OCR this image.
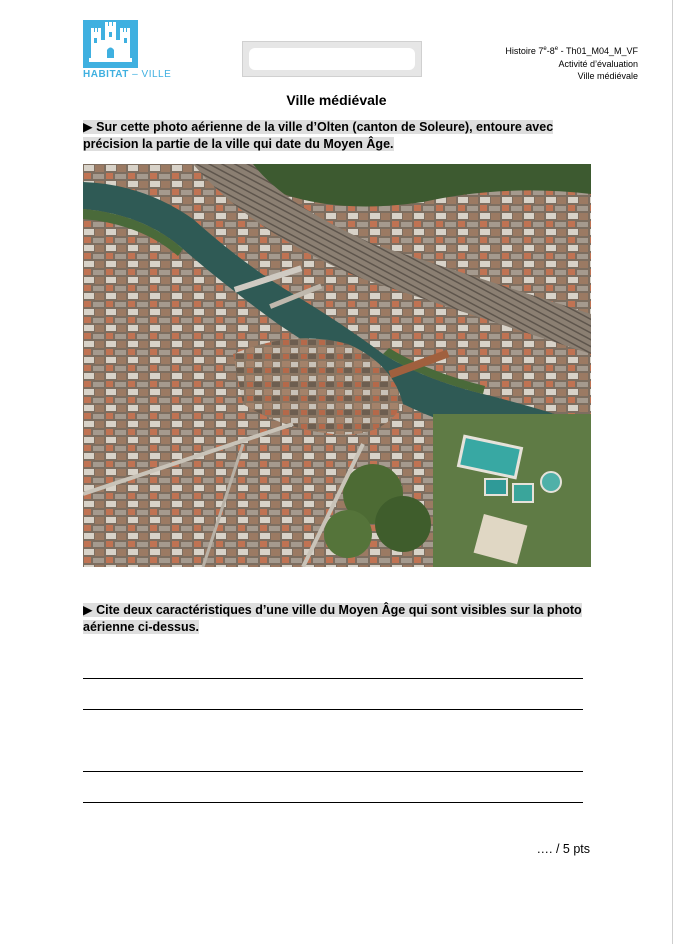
HABITAT – VILLE
Histoire 7e-8e - Th01_M04_M_VF
Activité d’évaluation
Ville médiévale
Ville médiévale
▶ Sur cette photo aérienne de la ville d’Olten (canton de Soleure), entoure avec précision la partie de la ville qui date du Moyen Âge.
▶ Cite deux caractéristiques d’une ville du Moyen Âge qui sont visibles sur la photo aérienne ci-dessus.
…. / 5 pts
